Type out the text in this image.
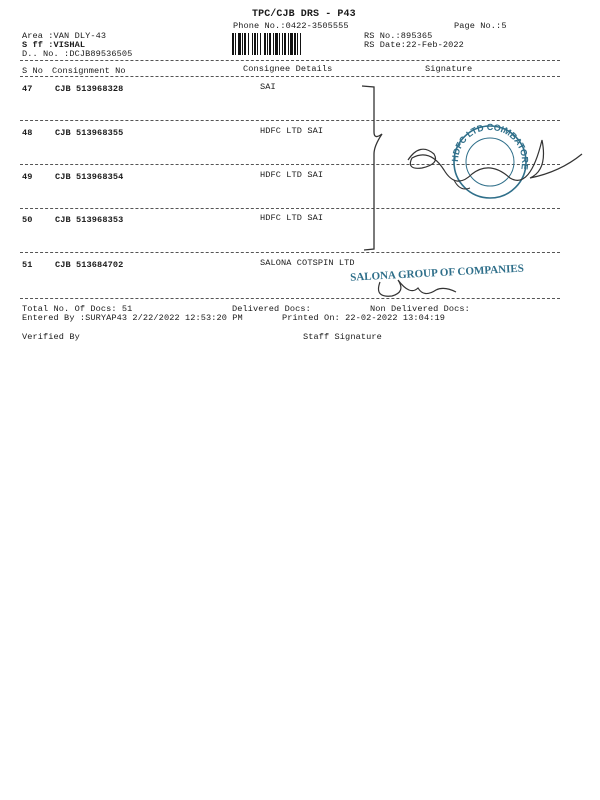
TPC/CJB DRS - P43
Phone No.:0422-3505555	Page No.:5
Area :VAN DLY-43
S ff :VISHAL
D.. No. :DCJB89536505
RS No.:895365
RS Date:22-Feb-2022
S No Consignment No	Consignee Details	Signature
47	CJB 513968328	SAI
48	CJB 513968355	HDFC LTD SAI
49	CJB 513968354	HDFC LTD SAI
50	CJB 513968353	HDFC LTD SAI
51	CJB 513684702	SALONA COTSPIN LTD
Total No. Of Docs: 51	Delivered Docs:	Non Delivered Docs:
Entered By :SURYAP43 2/22/2022 12:53:20 PM	Printed On: 22-02-2022 13:04:19
Verified By	Staff Signature
HDFC LTD COIMBATORE
SALONA GROUP OF COMPANIES
